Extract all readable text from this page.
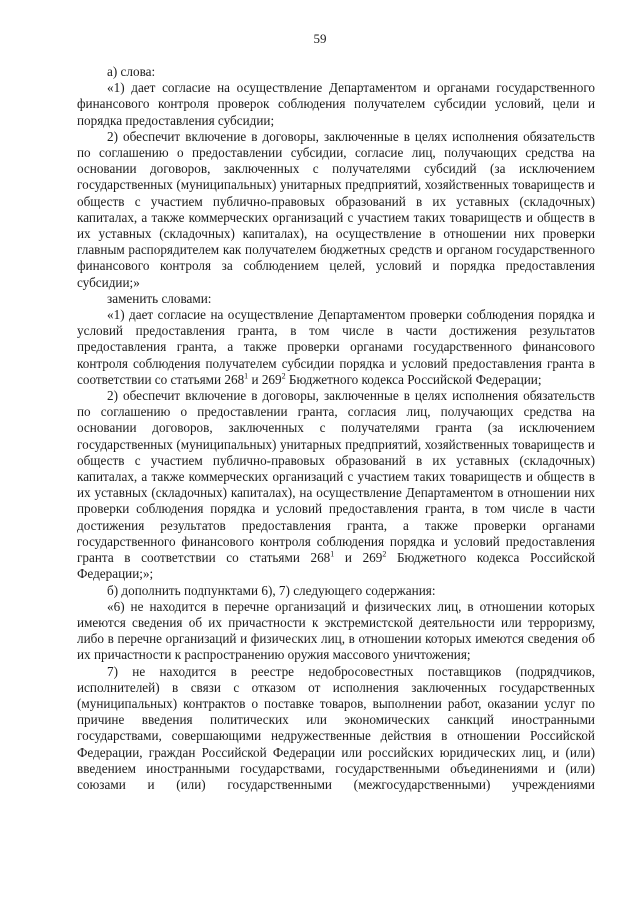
59

а) слова:

«1) дает согласие на осуществление Департаментом и органами государственного финансового контроля проверок соблюдения получателем субсидии условий, цели и порядка предоставления субсидии;

2) обеспечит включение в договоры, заключенные в целях исполнения обязательств по соглашению о предоставлении субсидии, согласие лиц, получающих средства на основании договоров, заключенных с получателями субсидий (за исключением государственных (муниципальных) унитарных предприятий, хозяйственных товариществ и обществ с участием публично-правовых образований в их уставных (складочных) капиталах, а также коммерческих организаций с участием таких товариществ и обществ в их уставных (складочных) капиталах), на осуществление в отношении них проверки главным распорядителем как получателем бюджетных средств и органом государственного финансового контроля за соблюдением целей, условий и порядка предоставления субсидии;»

заменить словами:

«1) дает согласие на осуществление Департаментом проверки соблюдения порядка и условий предоставления гранта, в том числе в части достижения результатов предоставления гранта, а также проверки органами государственного финансового контроля соблюдения получателем субсидии порядка и условий предоставления гранта в соответствии со статьями $268^1$ и $269^2$ Бюджетного кодекса Российской Федерации;

2) обеспечит включение в договоры, заключенные в целях исполнения обязательств по соглашению о предоставлении гранта, согласия лиц, получающих средства на основании договоров, заключенных с получателями гранта (за исключением государственных (муниципальных) унитарных предприятий, хозяйственных товариществ и обществ с участием публично-правовых образований в их уставных (складочных) капиталах, а также коммерческих организаций с участием таких товариществ и обществ в их уставных (складочных) капиталах), на осуществление Департаментом в отношении них проверки соблюдения порядка и условий предоставления гранта, в том числе в части достижения результатов предоставления гранта, а также проверки органами государственного финансового контроля соблюдения порядка и условий предоставления гранта в соответствии со статьями $268^1$ и $269^2$ Бюджетного кодекса Российской Федерации;»;

б) дополнить подпунктами 6), 7) следующего содержания:

«6) не находится в перечне организаций и физических лиц, в отношении которых имеются сведения об их причастности к экстремистской деятельности или терроризму, либо в перечне организаций и физических лиц, в отношении которых имеются сведения об их причастности к распространению оружия массового уничтожения;

7) не находится в реестре недобросовестных поставщиков (подрядчиков, исполнителей) в связи с отказом от исполнения заключенных государственных (муниципальных) контрактов о поставке товаров, выполнении работ, оказании услуг по причине введения политических или экономических санкций иностранными государствами, совершающими недружественные действия в отношении Российской Федерации, граждан Российской Федерации или российских юридических лиц, и (или) введением иностранными государствами, государственными объединениями и (или) союзами и (или) государственными (межгосударственными) учреждениями
